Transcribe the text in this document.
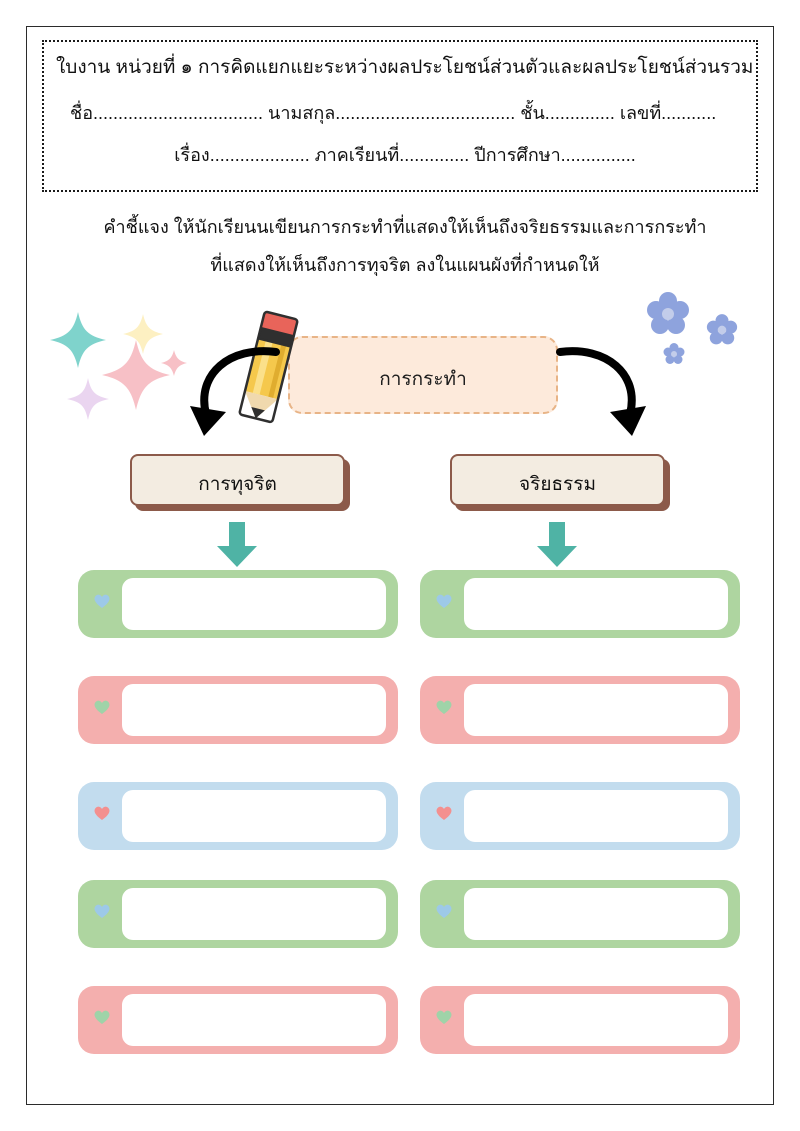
ใบงาน หน่วยที่ ๑ การคิดแยกแยะระหว่างผลประโยชน์ส่วนตัวและผลประโยชน์ส่วนรวม
ชื่อ.................................. นามสกุล.................................... ชั้น.............. เลขที่...........
เรื่อง.................... ภาคเรียนที่.............. ปีการศึกษา...............
คำชี้แจง ให้นักเรียนนเขียนการกระทำที่แสดงให้เห็นถึงจริยธรรมและการกระทำ
ที่แสดงให้เห็นถึงการทุจริต ลงในแผนผังที่กำหนดให้
การกระทำ
การทุจริต	จริยธรรม
